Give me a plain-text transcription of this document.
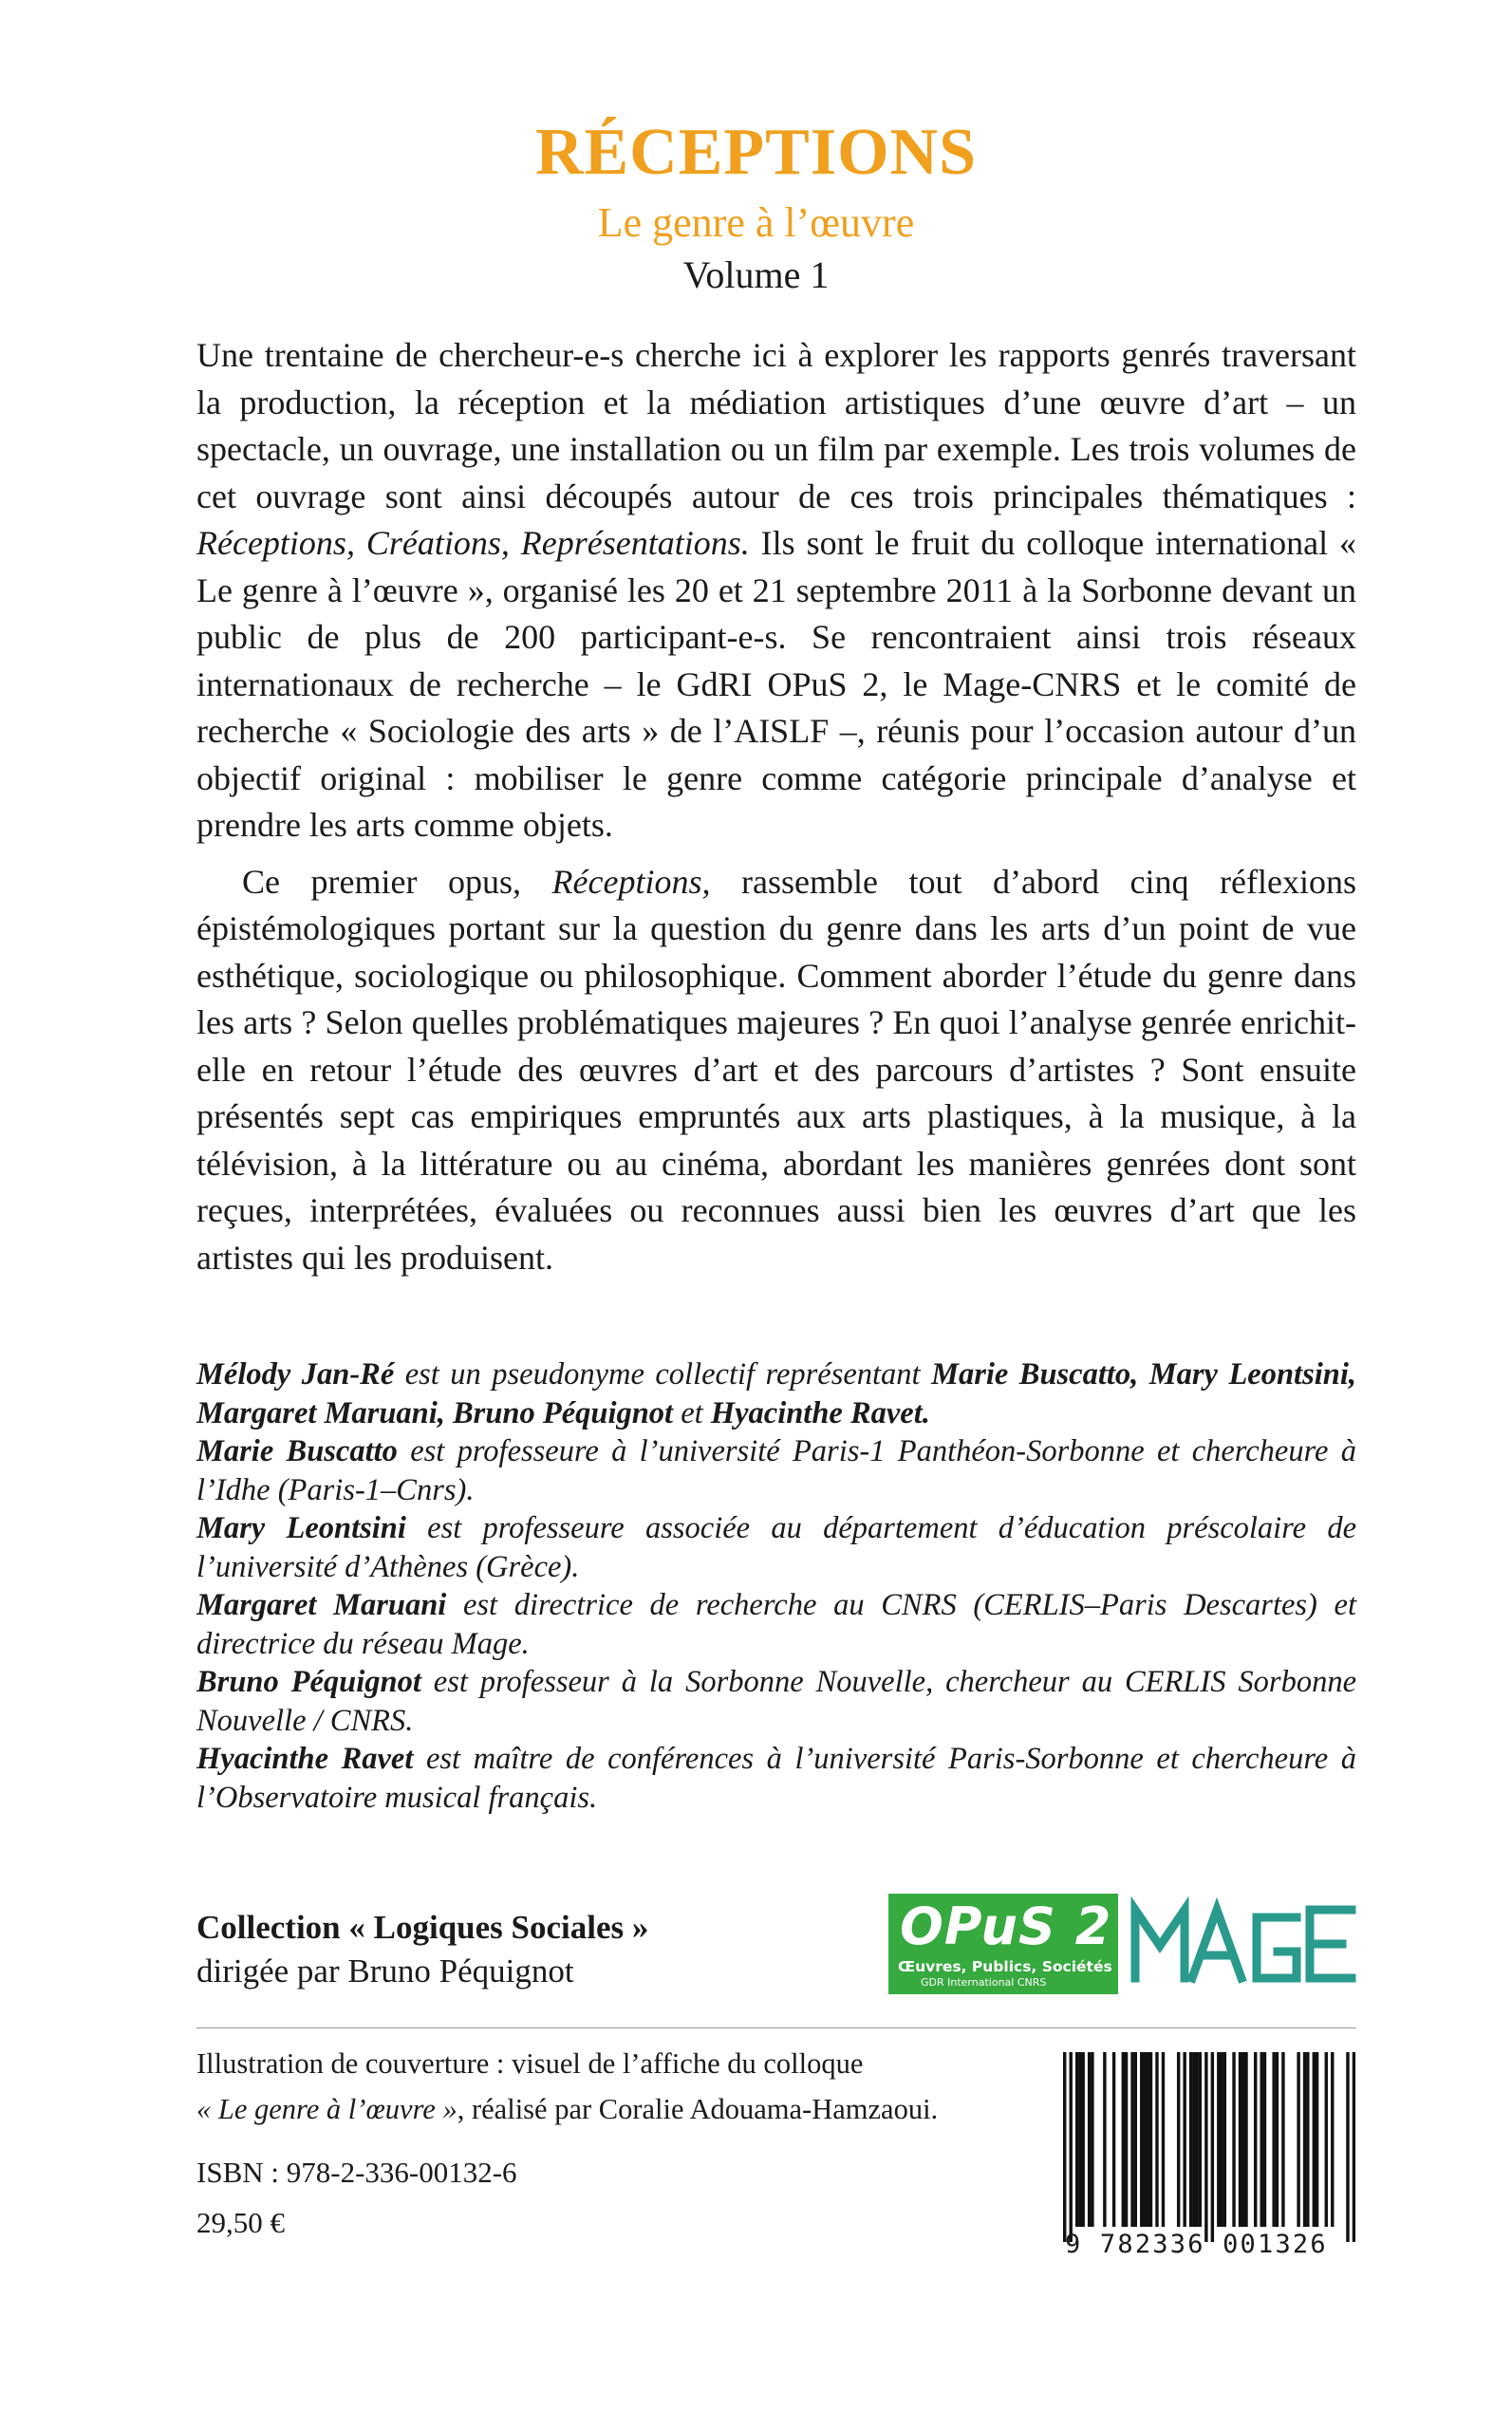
RÉCEPTIONS
Le genre à l’œuvre
Volume 1

Une trentaine de chercheur-e-s cherche ici à explorer les rapports genrés traversant la production, la réception et la médiation artistiques d’une œuvre d’art – un spectacle, un ouvrage, une installation ou un film par exemple. Les trois volumes de cet ouvrage sont ainsi découpés autour de ces trois principales thématiques : Réceptions, Créations, Représentations. Ils sont le fruit du colloque international « Le genre à l’œuvre », organisé les 20 et 21 septembre 2011 à la Sorbonne devant un public de plus de 200 participant-e-s. Se rencontraient ainsi trois réseaux internationaux de recherche – le GdRI OPuS 2, le Mage-CNRS et le comité de recherche « Sociologie des arts » de l’AISLF –, réunis pour l’occasion autour d’un objectif original : mobiliser le genre comme catégorie principale d’analyse et prendre les arts comme objets.

Ce premier opus, Réceptions, rassemble tout d’abord cinq réflexions épistémologiques portant sur la question du genre dans les arts d’un point de vue esthétique, sociologique ou philosophique. Comment aborder l’étude du genre dans les arts ? Selon quelles problématiques majeures ? En quoi l’analyse genrée enrichit-elle en retour l’étude des œuvres d’art et des parcours d’artistes ? Sont ensuite présentés sept cas empiriques empruntés aux arts plastiques, à la musique, à la télévision, à la littérature ou au cinéma, abordant les manières genrées dont sont reçues, interprétées, évaluées ou reconnues aussi bien les œuvres d’art que les artistes qui les produisent.

Mélody Jan-Ré est un pseudonyme collectif représentant Marie Buscatto, Mary Leontsini, Margaret Maruani, Bruno Péquignot et Hyacinthe Ravet.

Marie Buscatto est professeure à l’université Paris-1 Panthéon-Sorbonne et chercheure à l’Idhe (Paris-1–Cnrs).

Mary Leontsini est professeure associée au département d’éducation préscolaire de l’université d’Athènes (Grèce).

Margaret Maruani est directrice de recherche au CNRS (CERLIS–Paris Descartes) et directrice du réseau Mage.

Bruno Péquignot est professeur à la Sorbonne Nouvelle, chercheur au CERLIS Sorbonne Nouvelle / CNRS.

Hyacinthe Ravet est maître de conférences à l’université Paris-Sorbonne et chercheure à l’Observatoire musical français.

Collection « Logiques Sociales »
dirigée par Bruno Péquignot
OPuS 2
Œuvres, Publics, Sociétés
GDR International CNRS

Illustration de couverture : visuel de l’affiche du colloque

« Le genre à l’œuvre », réalisé par Coralie Adouama-Hamzaoui.

ISBN : 978-2-336-00132-6
29,50 €
9 782336 001326
